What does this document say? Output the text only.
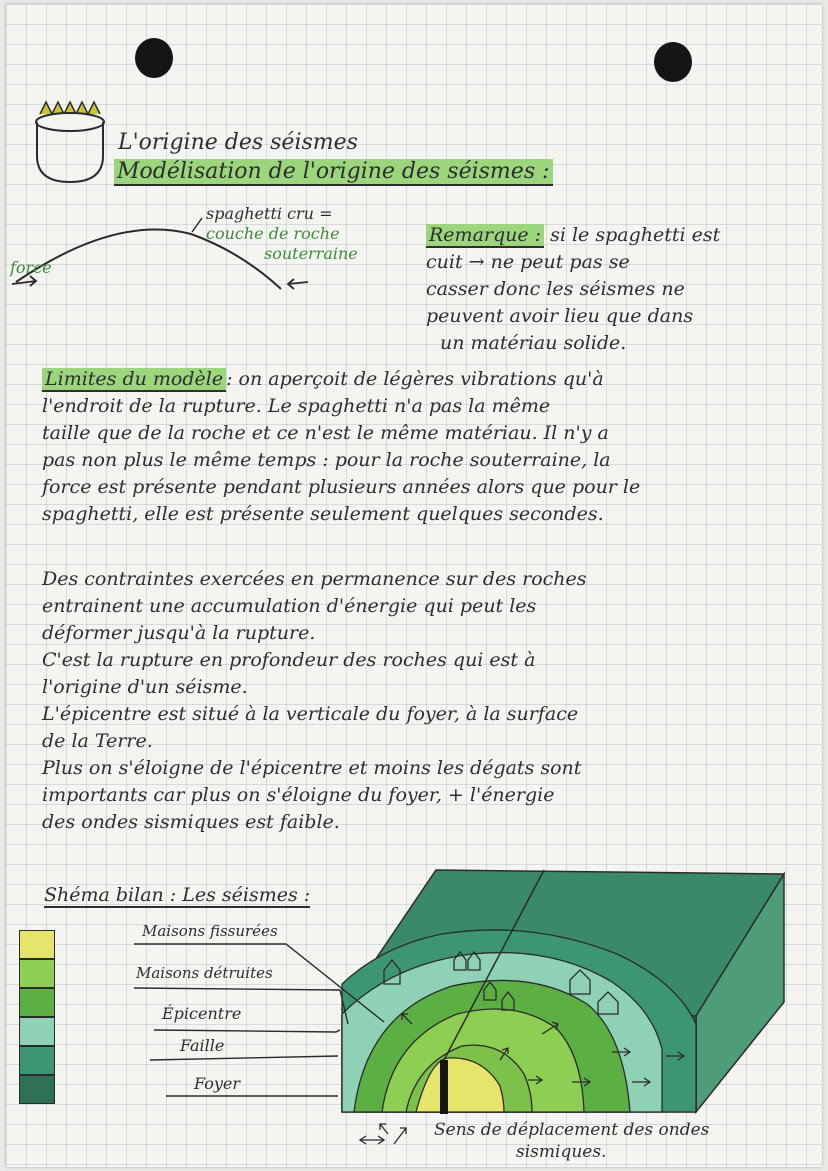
L'origine des séismes
Modélisation de l'origine des séismes :
force
spaghetti cru =
couche de roche
souterraine
Remarque : si le spaghetti est
cuit → ne peut pas se
casser donc les séismes ne
peuvent avoir lieu que dans
un matériau solide.
Limites du modèle : on aperçoit de légères vibrations qu'à
l'endroit de la rupture. Le spaghetti n'a pas la même
taille que de la roche et ce n'est le même matériau. Il n'y a
pas non plus le même temps : pour la roche souterraine, la
force est présente pendant plusieurs années alors que pour le
spaghetti, elle est présente seulement quelques secondes.
Des contraintes exercées en permanence sur des roches
entrainent une accumulation d'énergie qui peut les
déformer jusqu'à la rupture.
C'est la rupture en profondeur des roches qui est à
l'origine d'un séisme.
L'épicentre est situé à la verticale du foyer, à la surface
de la Terre.
Plus on s'éloigne de l'épicentre et moins les dégats sont
importants car plus on s'éloigne du foyer, + l'énergie
des ondes sismiques est faible.
Shéma bilan : Les séismes :
Maisons fissurées
Maisons détruites
Épicentre
Faille
Foyer
Sens de déplacement des ondes
sismiques.
